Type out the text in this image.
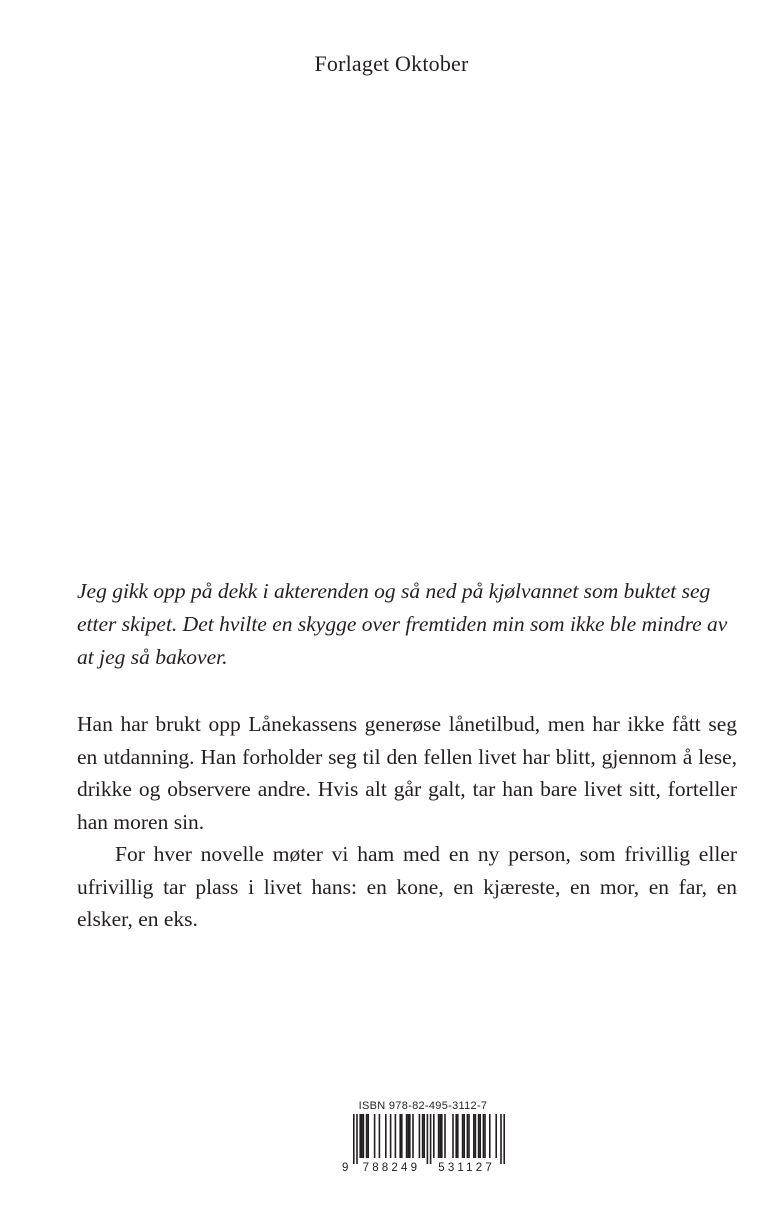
Forlaget Oktober

Jeg gikk opp på dekk i akterenden og så ned på kjølvannet som buktet seg etter skipet. Det hvilte en skygge over fremtiden min som ikke ble mindre av at jeg så bakover.

Han har brukt opp Lånekassens generøse lånetilbud, men har ikke fått seg en utdanning. Han forholder seg til den fellen livet har blitt, gjennom å lese, drikke og observere andre. Hvis alt går galt, tar han bare livet sitt, forteller han moren sin.

For hver novelle møter vi ham med en ny person, som frivillig eller ufrivillig tar plass i livet hans: en kone, en kjæreste, en mor, en far, en elsker, en eks.

ISBN 978-82-495-3112-7
9 788249 531127
